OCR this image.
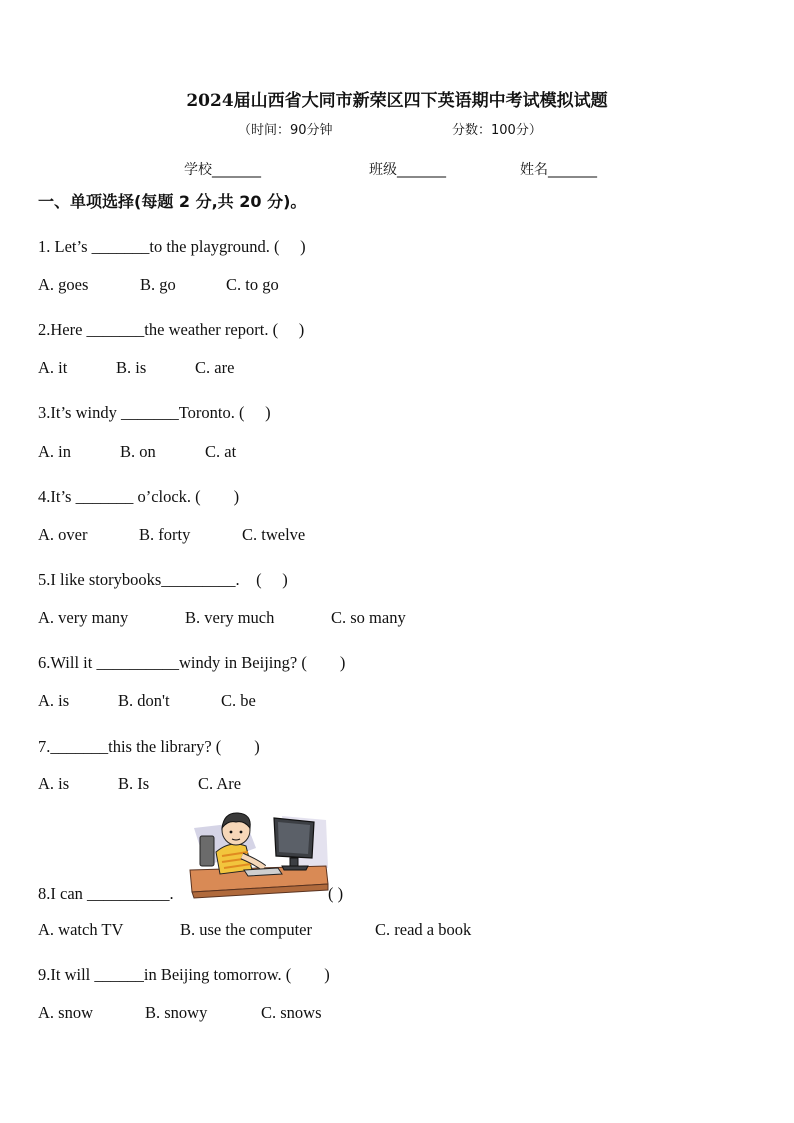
2024届山西省大同市新荣区四下英语期中考试模拟试题
（时间：90分钟	分数：100分）
学校_______	班级_______	姓名_______
一、单项选择(每题 2 分,共 20 分)。
1. Let’s _______to the playground. (　 )
A. goes	B. go	C. to go
2.Here _______the weather report. (　 )
A. it	B. is	C. are
3.It’s windy _______Toronto. (　 )
A. in	B. on	C. at
4.It’s _______ o’clock. (　　)
A. over	B. forty	C. twelve
5.I like storybooks_________.　(　 )
A. very many	B. very much	C. so many
6.Will it __________windy in Beijing? (　　)
A. is	B. don't	C. be
7._______this the library? (　　)
A. is	B. Is	C. Are
8.I can __________.	( )
A. watch TV	B. use the computer	C. read a book
9.It will ______in Beijing tomorrow. (　　)
A. snow	B. snowy	C. snows
